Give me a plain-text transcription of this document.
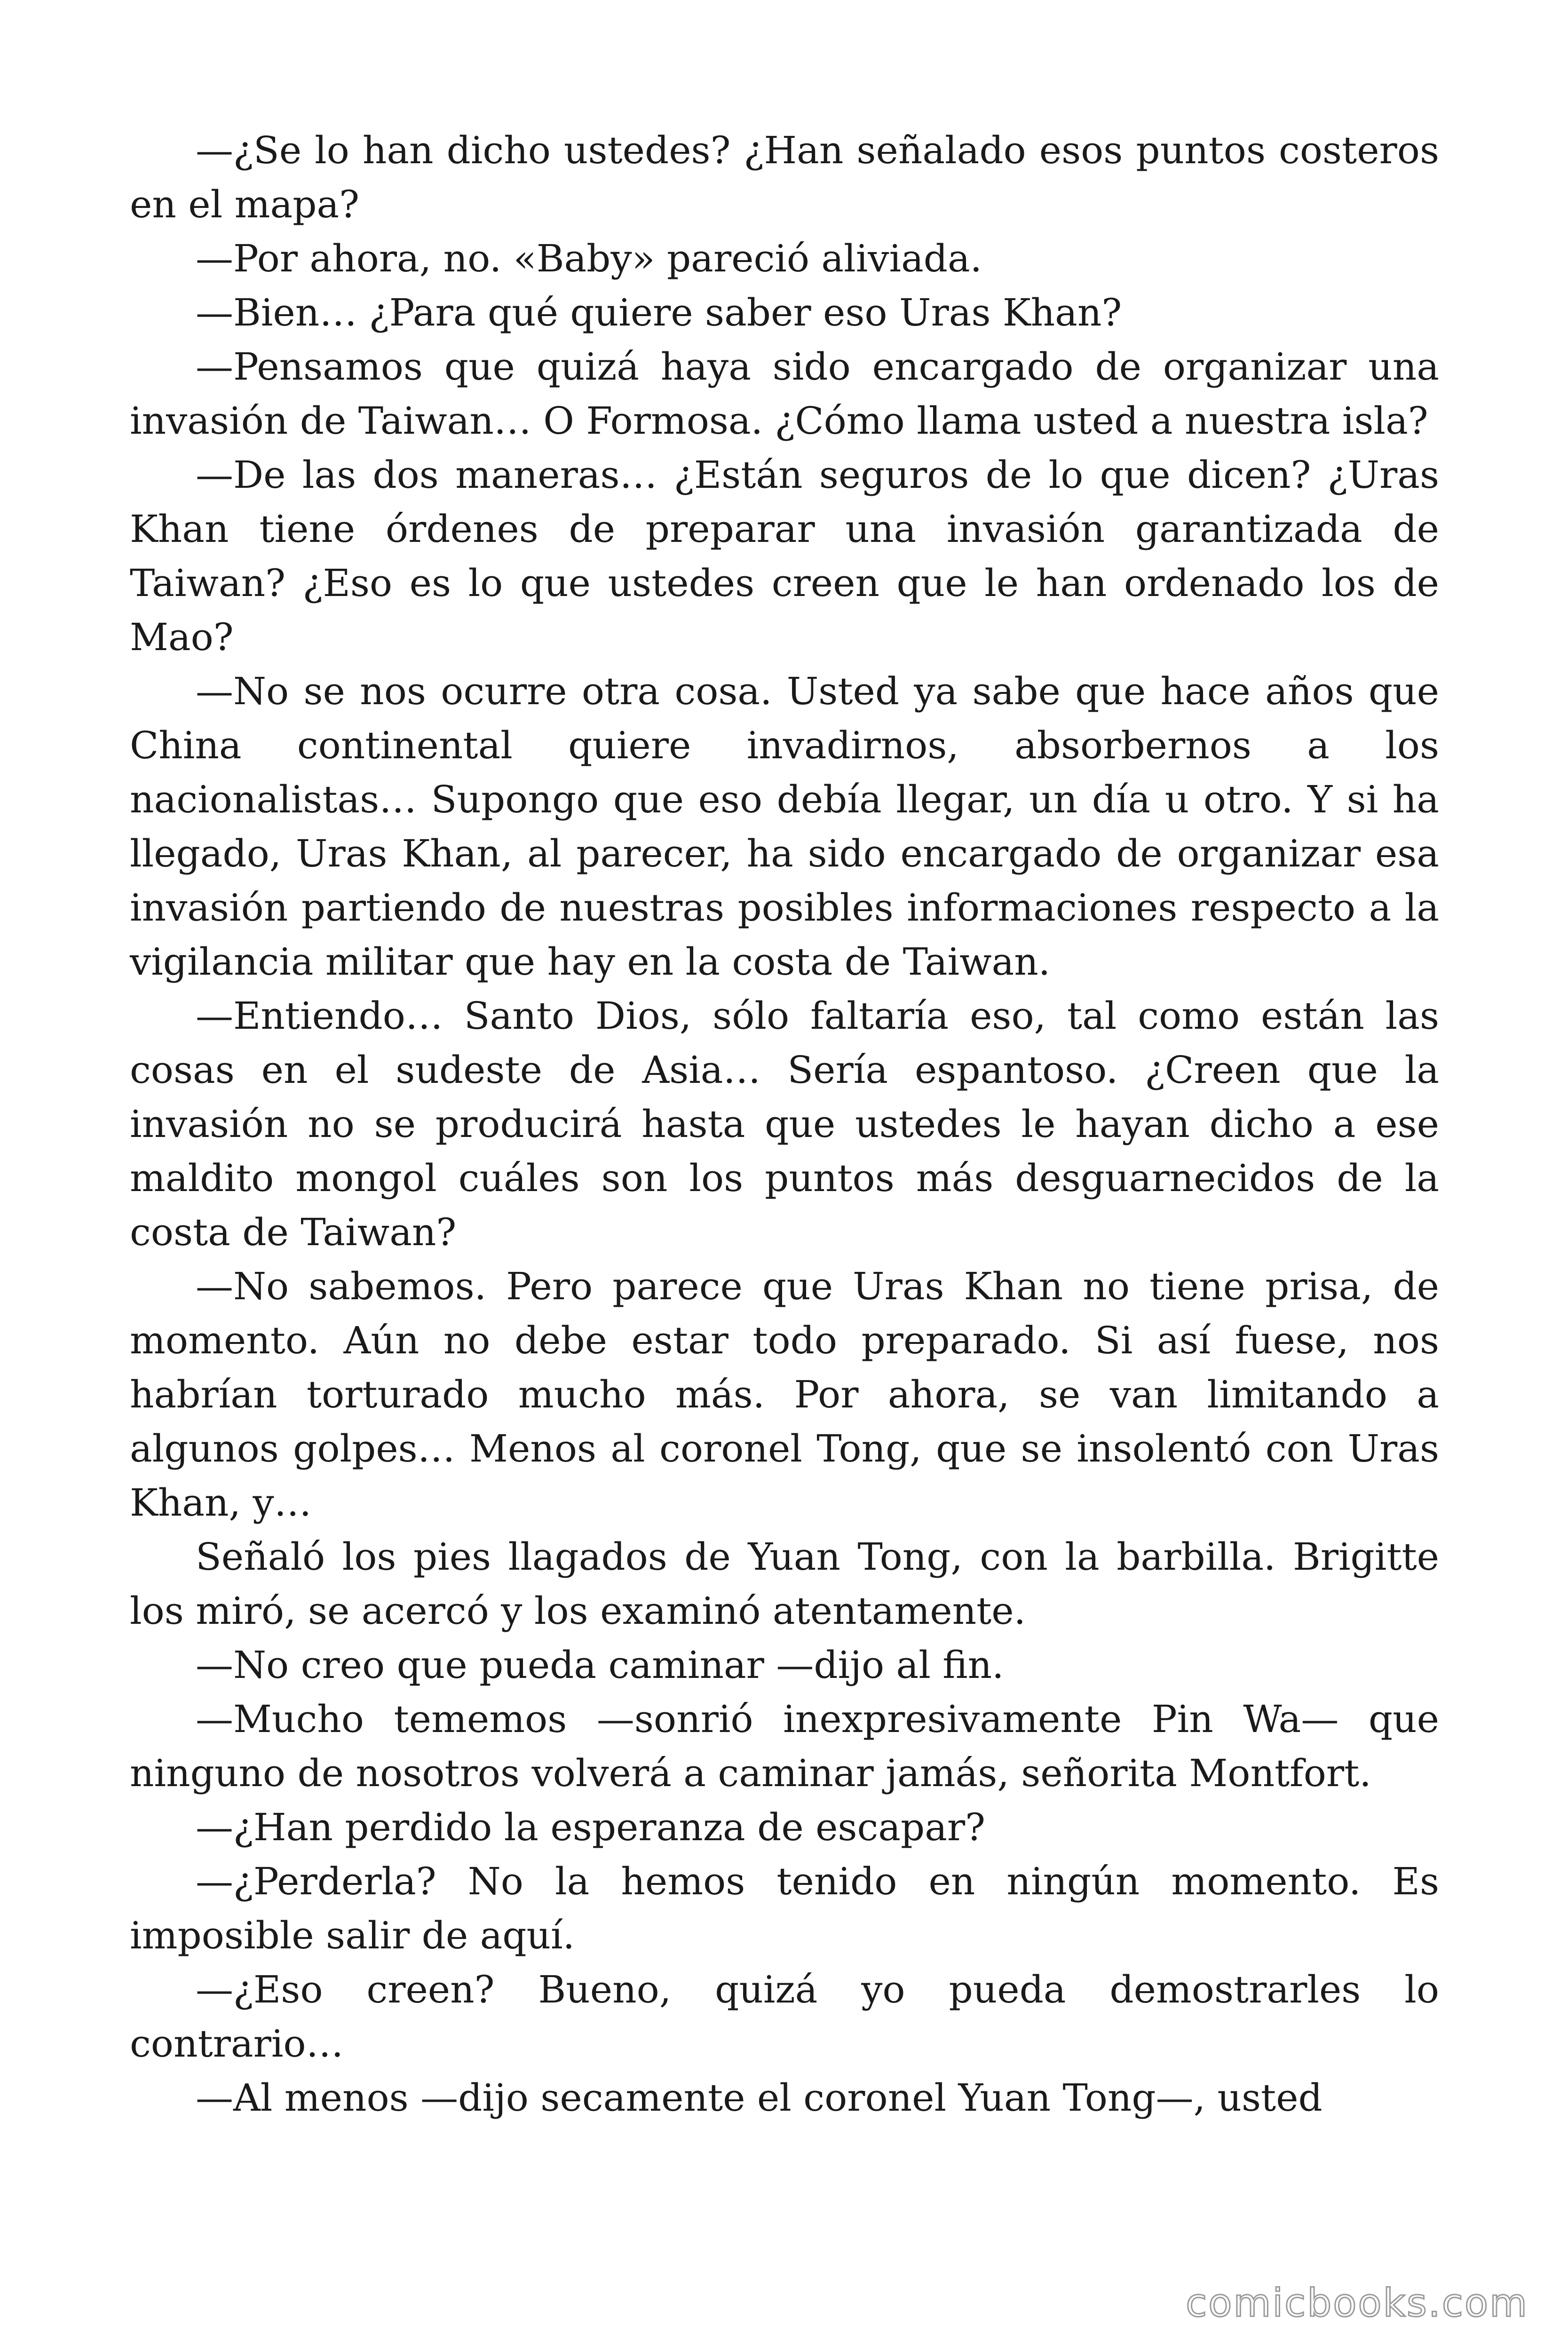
—¿Se lo han dicho ustedes? ¿Han señalado esos puntos costeros en el mapa?

—Por ahora, no. «Baby» pareció aliviada.

—Bien… ¿Para qué quiere saber eso Uras Khan?

—Pensamos que quizá haya sido encargado de organizar una invasión de Taiwan… O Formosa. ¿Cómo llama usted a nuestra isla?

—De las dos maneras… ¿Están seguros de lo que dicen? ¿Uras Khan tiene órdenes de preparar una invasión garantizada de Taiwan? ¿Eso es lo que ustedes creen que le han ordenado los de Mao?

—No se nos ocurre otra cosa. Usted ya sabe que hace años que China continental quiere invadirnos, absorbernos a los nacionalistas… Supongo que eso debía llegar, un día u otro. Y si ha llegado, Uras Khan, al parecer, ha sido encargado de organizar esa invasión partiendo de nuestras posibles informaciones respecto a la vigilancia militar que hay en la costa de Taiwan.

—Entiendo… Santo Dios, sólo faltaría eso, tal como están las cosas en el sudeste de Asia… Sería espantoso. ¿Creen que la invasión no se producirá hasta que ustedes le hayan dicho a ese maldito mongol cuáles son los puntos más desguarnecidos de la costa de Taiwan?

—No sabemos. Pero parece que Uras Khan no tiene prisa, de momento. Aún no debe estar todo preparado. Si así fuese, nos habrían torturado mucho más. Por ahora, se van limitando a algunos golpes… Menos al coronel Tong, que se insolentó con Uras Khan, y…

Señaló los pies llagados de Yuan Tong, con la barbilla. Brigitte los miró, se acercó y los examinó atentamente.

—No creo que pueda caminar —dijo al fin.

—Mucho tememos —sonrió inexpresivamente Pin Wa— que ninguno de nosotros volverá a caminar jamás, señorita Montfort.

—¿Han perdido la esperanza de escapar?

—¿Perderla? No la hemos tenido en ningún momento. Es imposible salir de aquí.

—¿Eso creen? Bueno, quizá yo pueda demostrarles lo contrario…

—Al menos —dijo secamente el coronel Yuan Tong—, usted

comicbooks.com
